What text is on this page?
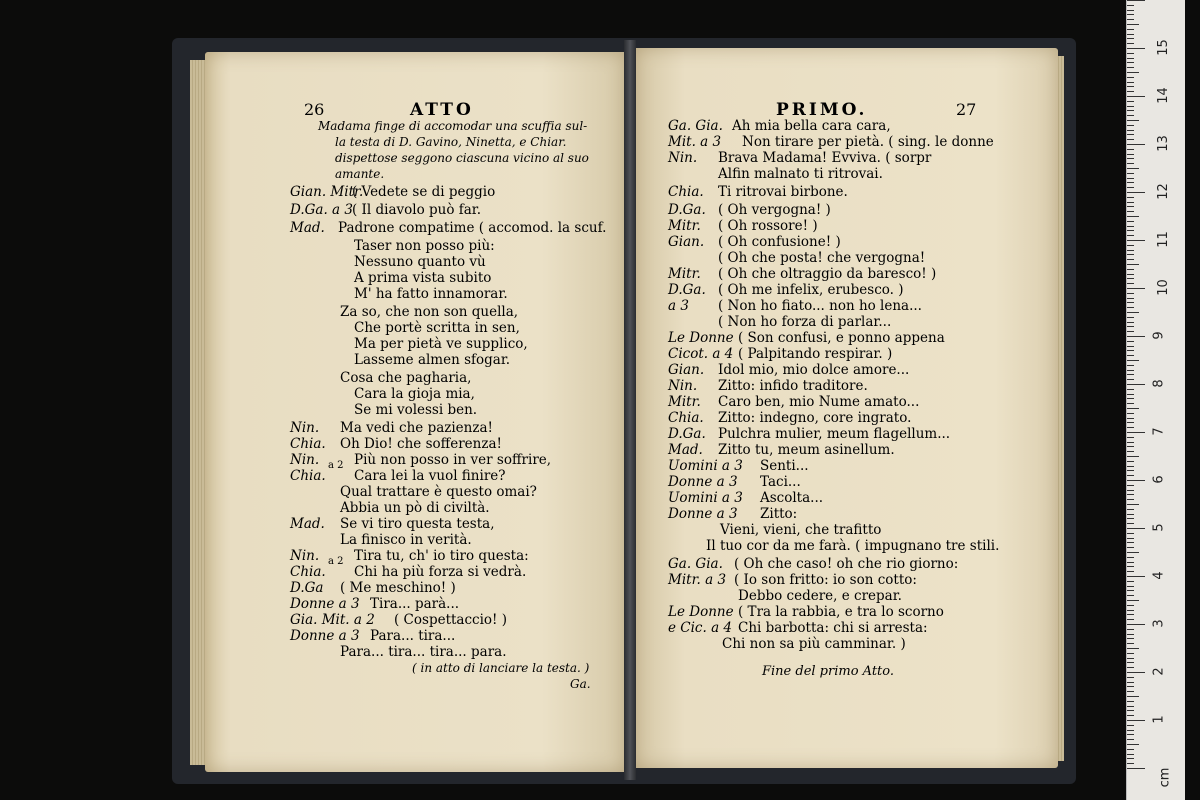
26	ATTO	PRIMO.	27
Madama finge di accomodar una scuffia sul-
la testa di D. Gavino, Ninetta, e Chiar.
dispettose seggono ciascuna vicino al suo
amante.
Gian. Mitr.
( Vedete se di peggio
D.Ga. a 3 ( Il diavolo può far.
Mad. Padrone compatime ( accomod. la scuf.
Taser non posso più:
Nessuno quanto vù
A prima vista subito
M' ha fatto innamorar.
Za so, che non son quella,
Che portè scritta in sen,
Ma per pietà ve supplico,
Lasseme almen sfogar.
Cosa che pagharia,
Cara la gioja mia,
Se mi volessi ben.
Nin. Ma vedi che pazienza!
Chia. Oh Dio! che sofferenza!
Nin.	Più non posso in ver soffrire,
Chia. Cara lei la vuol finire?
Qual trattare è questo omai?
Abbia un pò di civiltà.
Mad. Se vi tiro questa testa,
La finisco in verità.
Nin.	Tira tu, ch' io tiro questa:
Chia. Chi ha più forza si vedrà.
D.Ga ( Me meschino! )
Donne a 3 Tira... parà...
Gia. Mit. a 2 ( Cospettaccio! )
Donne a 3 Para... tira...
Para... tira... tira... para.
( in atto di lanciare la testa. )
Ga.
a 2
a 2
Ga. Gia. Ah mia bella cara cara,
Mit. a 3 Non tirare per pietà. ( sing. le donne
Nin. Brava Madama! Evviva. ( sorpr
Alfin malnato ti ritrovai.
Chia. Ti ritrovai birbone.
D.Ga. ( Oh vergogna! )
Mitr. ( Oh rossore! )
Gian. ( Oh confusione! )
( Oh che posta! che vergogna!
Mitr. ( Oh che oltraggio da baresco! )
D.Ga. ( Oh me infelix, erubesco. )
a 3 ( Non ho fiato... non ho lena...
( Non ho forza di parlar...
Le Donne ( Son confusi, e ponno appena
Cicot. a 4 ( Palpitando respirar. )
Gian. Idol mio, mio dolce amore...
Nin. Zitto: infido traditore.
Mitr. Caro ben, mio Nume amato...
Chia. Zitto: indegno, core ingrato.
D.Ga. Pulchra mulier, meum flagellum...
Mad. Zitto tu, meum asinellum.
Uomini a 3 Senti...
Donne a 3 Taci...
Uomini a 3 Ascolta...
Donne a 3 Zitto:
Vieni, vieni, che trafitto
Il tuo cor da me farà. ( impugnano tre stili.
Ga. Gia. ( Oh che caso! oh che rio giorno:
Mitr. a 3 ( Io son fritto: io son cotto:
Debbo cedere, e crepar.
Le Donne ( Tra la rabbia, e tra lo scorno
e Cic. a 4 Chi barbotta: chi si arresta:
Chi non sa più camminar. )
Fine del primo Atto.
cm
1
2
3
4
5
6
7
8
9
10
11
12
13
14
15
